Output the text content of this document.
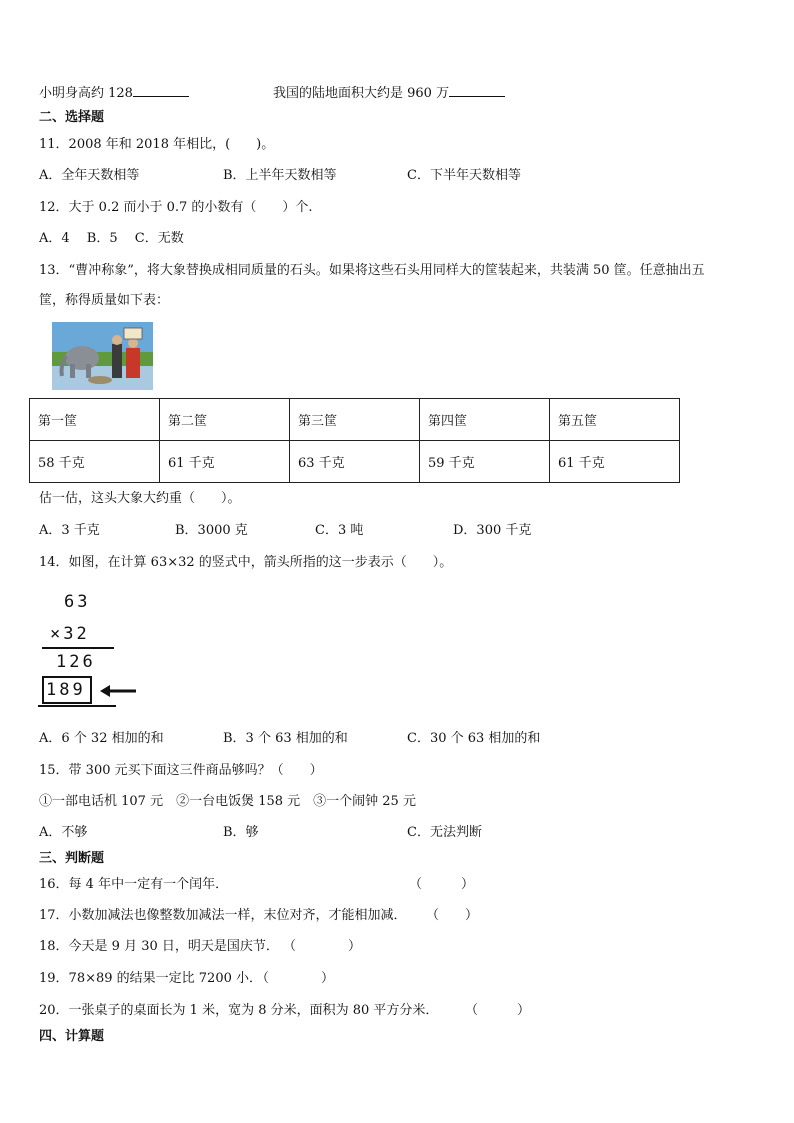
小明身高约 128	我国的陆地面积大约是 960 万
二、选择题
11．2008 年和 2018 年相比，(　　)。
A．全年天数相等	B．上半年天数相等	C．下半年天数相等
12．大于 0.2 而小于 0.7 的小数有（　　）个.
A．4　 B．5　 C．无数
13．“曹冲称象”，将大象替换成相同质量的石头。如果将这些石头用同样大的筐装起来，共装满 50 筐。任意抽出五
筐，称得质量如下表：
第一筐	第二筐	第三筐	第四筐	第五筐
58 千克	61 千克	63 千克	59 千克	61 千克
估一估，这头大象大约重（　　）。
A．3 千克	B．3000 克	C．3 吨	D．300 千克
14．如图，在计算 63×32 的竖式中，箭头所指的这一步表示（　　）。
63
×32
126
189
A．6 个 32 相加的和	B．3 个 63 相加的和	C．30 个 63 相加的和
15．带 300 元买下面这三件商品够吗？（　　）
①一部电话机 107 元　②一台电饭煲 158 元　③一个闹钟 25 元
A．不够	B．够	C．无法判断
三、判断题
16．每 4 年中一定有一个闰年．	（　　　）
17．小数加减法也像整数加减法一样，末位对齐，才能相加减． （　　）
18．今天是 9 月 30 日，明天是国庆节． （　　　　）
19．78×89 的结果一定比 7200 小．
（　　　　）
20．一张桌子的桌面长为 1 米，宽为 8 分米，面积为 80 平方分米． （　　　）
四、计算题
